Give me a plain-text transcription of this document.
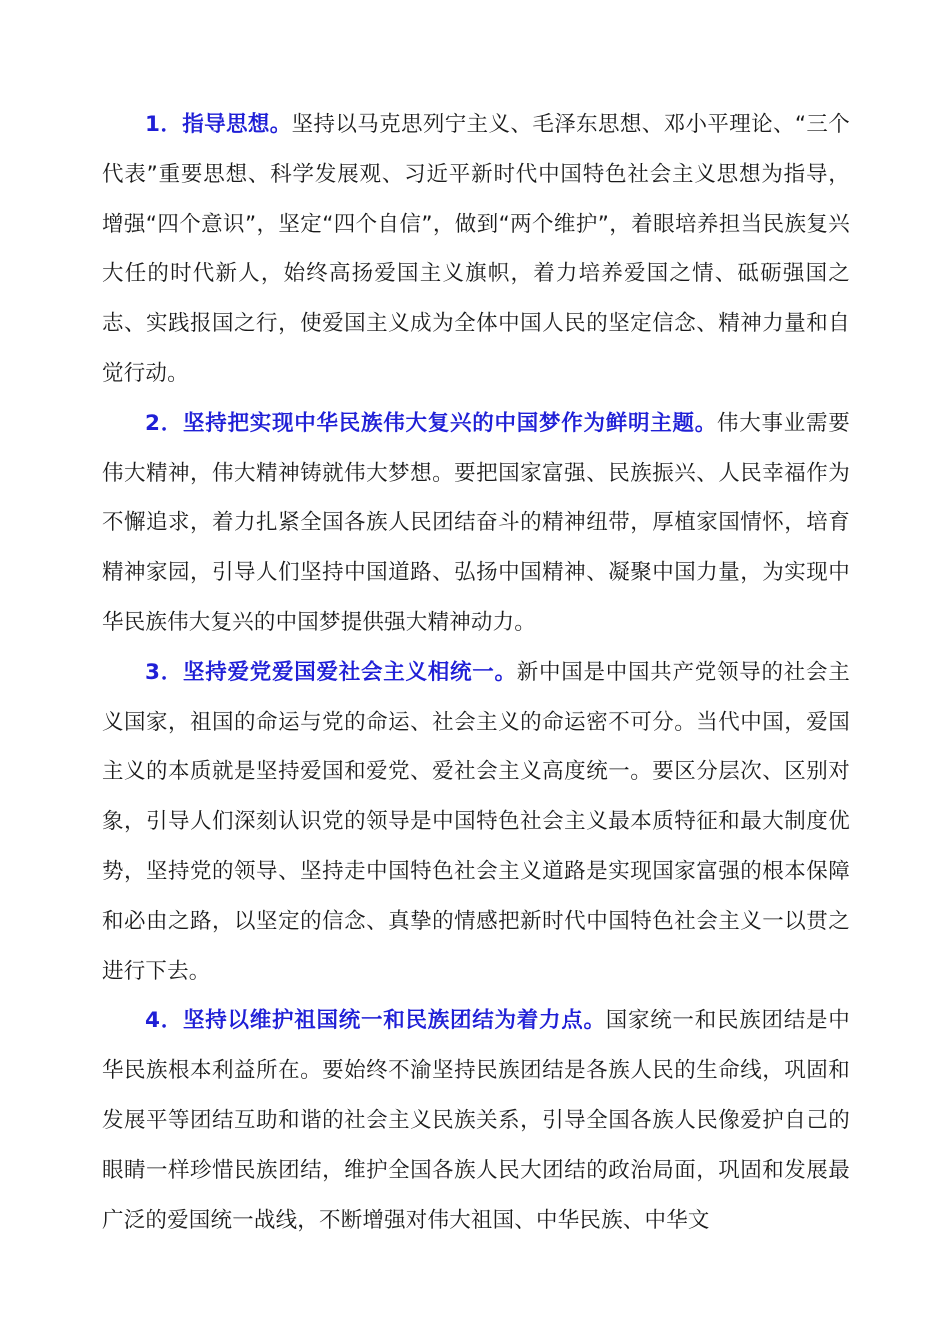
1．指导思想。坚持以马克思列宁主义、毛泽东思想、邓小平理论、“三个代表”重要思想、科学发展观、习近平新时代中国特色社会主义思想为指导，增强“四个意识”，坚定“四个自信”，做到“两个维护”，着眼培养担当民族复兴大任的时代新人，始终高扬爱国主义旗帜，着力培养爱国之情、砥砺强国之志、实践报国之行，使爱国主义成为全体中国人民的坚定信念、精神力量和自觉行动。

2．坚持把实现中华民族伟大复兴的中国梦作为鲜明主题。伟大事业需要伟大精神，伟大精神铸就伟大梦想。要把国家富强、民族振兴、人民幸福作为不懈追求，着力扎紧全国各族人民团结奋斗的精神纽带，厚植家国情怀，培育精神家园，引导人们坚持中国道路、弘扬中国精神、凝聚中国力量，为实现中华民族伟大复兴的中国梦提供强大精神动力。

3．坚持爱党爱国爱社会主义相统一。新中国是中国共产党领导的社会主义国家，祖国的命运与党的命运、社会主义的命运密不可分。当代中国，爱国主义的本质就是坚持爱国和爱党、爱社会主义高度统一。要区分层次、区别对象，引导人们深刻认识党的领导是中国特色社会主义最本质特征和最大制度优势，坚持党的领导、坚持走中国特色社会主义道路是实现国家富强的根本保障和必由之路，以坚定的信念、真挚的情感把新时代中国特色社会主义一以贯之进行下去。

4．坚持以维护祖国统一和民族团结为着力点。国家统一和民族团结是中华民族根本利益所在。要始终不渝坚持民族团结是各族人民的生命线，巩固和发展平等团结互助和谐的社会主义民族关系，引导全国各族人民像爱护自己的眼睛一样珍惜民族团结，维护全国各族人民大团结的政治局面，巩固和发展最广泛的爱国统一战线，不断增强对伟大祖国、中华民族、中华文
